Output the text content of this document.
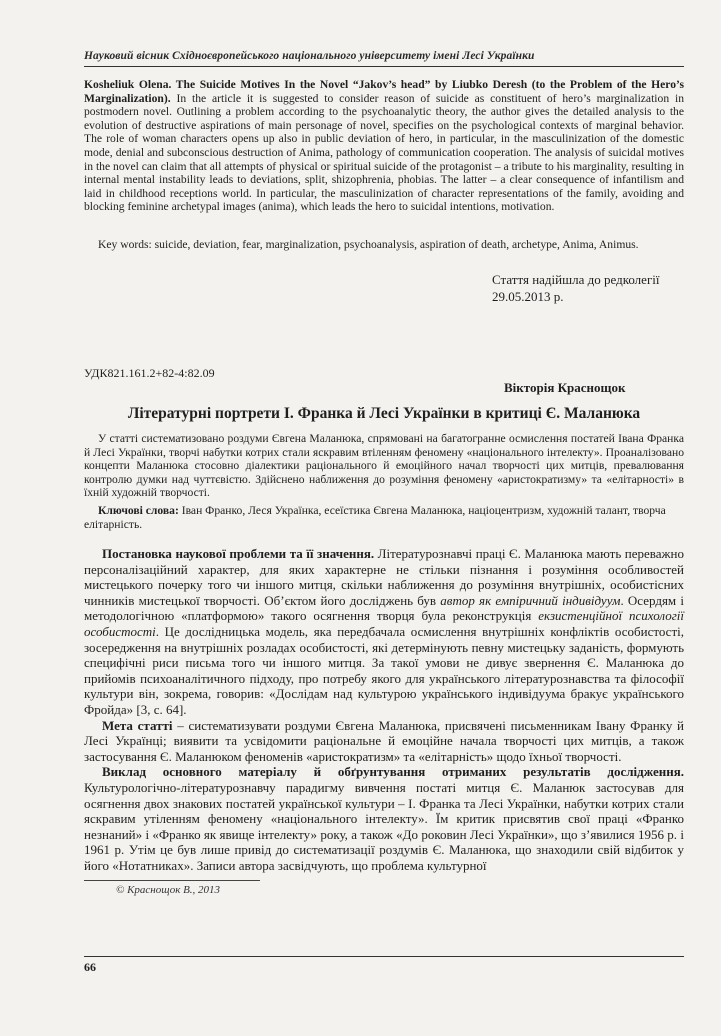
Науковий вісник Східноєвропейського національного університету імені Лесі Українки

Kosheliuk Olena. The Suicide Motives In the Novel “Jakov’s head” by Liubko Deresh (to the Problem of the Hero’s Marginalization). In the article it is suggested to consider reason of suicide as constituent of hero’s marginalization in postmodern novel. Outlining a problem according to the psychoanalytic theory, the author gives the detailed analysis to the evolution of destructive aspirations of main personage of novel, specifies on the psychological contexts of marginal behavior. The role of woman characters opens up also in public deviation of hero, in particular, in the masculinization of the domestic mode, denial and subconscious destruction of Anima, pathology of communication cooperation. The analysis of suicidal motives in the novel can claim that all attempts of physical or spiritual suicide of the protagonist – a tribute to his marginality, resulting in internal mental instability leads to deviations, split, shizophrenia, phobias. The latter – a clear consequence of infantilism and laid in childhood receptions world. In particular, the masculinization of character representations of the family, avoiding and blocking feminine archetypal images (anima), which leads the hero to suicidal intentions, motivation.

Key words: suicide, deviation, fear, marginalization, psychoanalysis, aspiration of death, archetype, Anima, Animus.
Стаття надійшла до редколегії
29.05.2013 р.
УДК821.161.2+82-4:82.09
Вікторія Краснощок
Літературні портрети І. Франка й Лесі Українки в критиці Є. Маланюка
У статті систематизовано роздуми Євгена Маланюка, спрямовані на багатогранне осмислення постатей Івана Франка й Лесі Українки, творчі набутки котрих стали яскравим втіленням феномену «національного інтелекту». Проаналізовано концепти Маланюка стосовно діалектики раціонального й емоційного начал творчості цих митців, превалювання контролю думки над чуттєвістю. Здійснено наближення до розуміння феномену «аристократизму» та «елітарності» в їхній художній творчості.
Ключові слова: Іван Франко, Леся Українка, есеїстика Євгена Маланюка, націоцентризм, художній талант, творча елітарність.

Постановка наукової проблеми та її значення. Літературознавчі праці Є. Маланюка мають переважно персоналізаційний характер, для яких характерне не стільки пізнання і розуміння особливостей мистецького почерку того чи іншого митця, скільки наближення до розуміння внутрішніх, особистісних чинників мистецької творчості. Об’єктом його досліджень був автор як емпіричний індивідуум. Осердям і методологічною «платформою» такого осягнення творця була реконструкція екзистенційної психології особистості. Це дослідницька модель, яка передбачала осмислення внутрішніх конфліктів особистості, зосередження на внутрішніх розладах особистості, які детермінують певну мистецьку заданість, формують специфічні риси письма того чи іншого митця. За такої умови не дивує звернення Є. Маланюка до прийомів психоаналітичного підходу, про потребу якого для українського літературознавства та філософії культури він, зокрема, говорив: «Дослідам над культурою українського індивідуума бракує українського Фройда» [3, с. 64].

Мета статті – систематизувати роздуми Євгена Маланюка, присвячені письменникам Івану Франку й Лесі Українці; виявити та усвідомити раціональне й емоційне начала творчості цих митців, а також застосування Є. Маланюком феноменів «аристократизм» та «елітарність» щодо їхньої творчості.

Виклад основного матеріалу й обґрунтування отриманих результатів дослідження. Культурологічно-літературознавчу парадигму вивчення постаті митця Є. Маланюк застосував для осягнення двох знакових постатей української культури – І. Франка та Лесі Українки, набутки котрих стали яскравим утіленням феномену «національного інтелекту». Їм критик присвятив свої праці «Франко незнаний» і «Франко як явище інтелекту» року, а також «До роковин Лесі Українки», що з’явилися 1956 р. і 1961 р. Утім це був лише привід до систематизації роздумів Є. Маланюка, що знаходили свій відбиток у його «Нотатниках». Записи автора засвідчують, що проблема культурної

© Краснощок В., 2013
66
